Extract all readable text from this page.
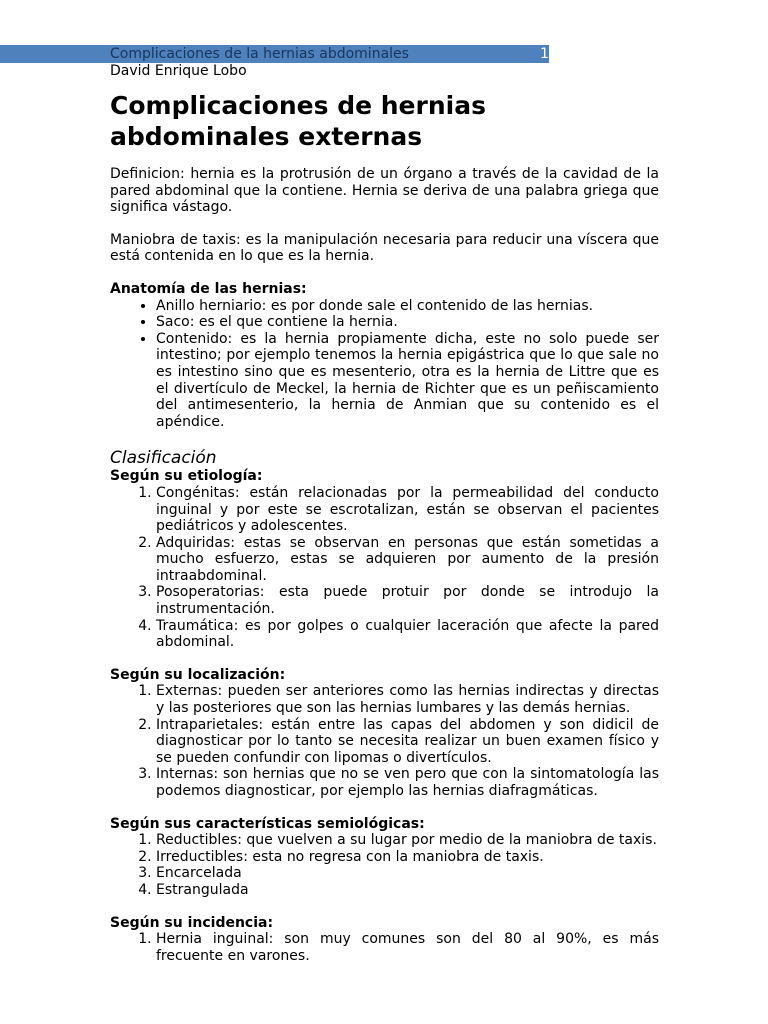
Complicaciones de la hernias abdominales	1
David Enrique Lobo
Complicaciones de hernias abdominales externas

Definicion: hernia es la protrusión de un órgano a través de la cavidad de la pared abdominal que la contiene. Hernia se deriva de una palabra griega que significa vástago.

Maniobra de taxis: es la manipulación necesaria para reducir una víscera que está contenida en lo que es la hernia.

Anatomía de las hernias:
• Anillo herniario: es por donde sale el contenido de las hernias.
• Saco: es el que contiene la hernia.
• Contenido: es la hernia propiamente dicha, este no solo puede ser intestino; por ejemplo tenemos la hernia epigástrica que lo que sale no es intestino sino que es mesenterio, otra es la hernia de Littre que es el divertículo de Meckel, la hernia de Richter que es un peñiscamiento del antimesenterio, la hernia de Anmian que su contenido es el apéndice.
Clasificación
Según su etiología:
1. Congénitas: están relacionadas por la permeabilidad del conducto inguinal y por este se escrotalizan, están se observan el pacientes pediátricos y adolescentes.
2. Adquiridas: estas se observan en personas que están sometidas a mucho esfuerzo, estas se adquieren por aumento de la presión intraabdominal.
3. Posoperatorias: esta puede protuir por donde se introdujo la instrumentación.
4. Traumática: es por golpes o cualquier laceración que afecte la pared abdominal.
Según su localización:
1. Externas: pueden ser anteriores como las hernias indirectas y directas y las posteriores que son las hernias lumbares y las demás hernias.
2. Intraparietales: están entre las capas del abdomen y son didicil de diagnosticar por lo tanto se necesita realizar un buen examen físico y se pueden confundir con lipomas o divertículos.
3. Internas: son hernias que no se ven pero que con la sintomatología las podemos diagnosticar, por ejemplo las hernias diafragmáticas.
Según sus características semiológicas:
1. Reductibles: que vuelven a su lugar por medio de la maniobra de taxis.
2. Irreductibles: esta no regresa con la maniobra de taxis.
3. Encarcelada
4. Estrangulada
Según su incidencia:
1. Hernia inguinal: son muy comunes son del 80 al 90%, es más frecuente en varones.
